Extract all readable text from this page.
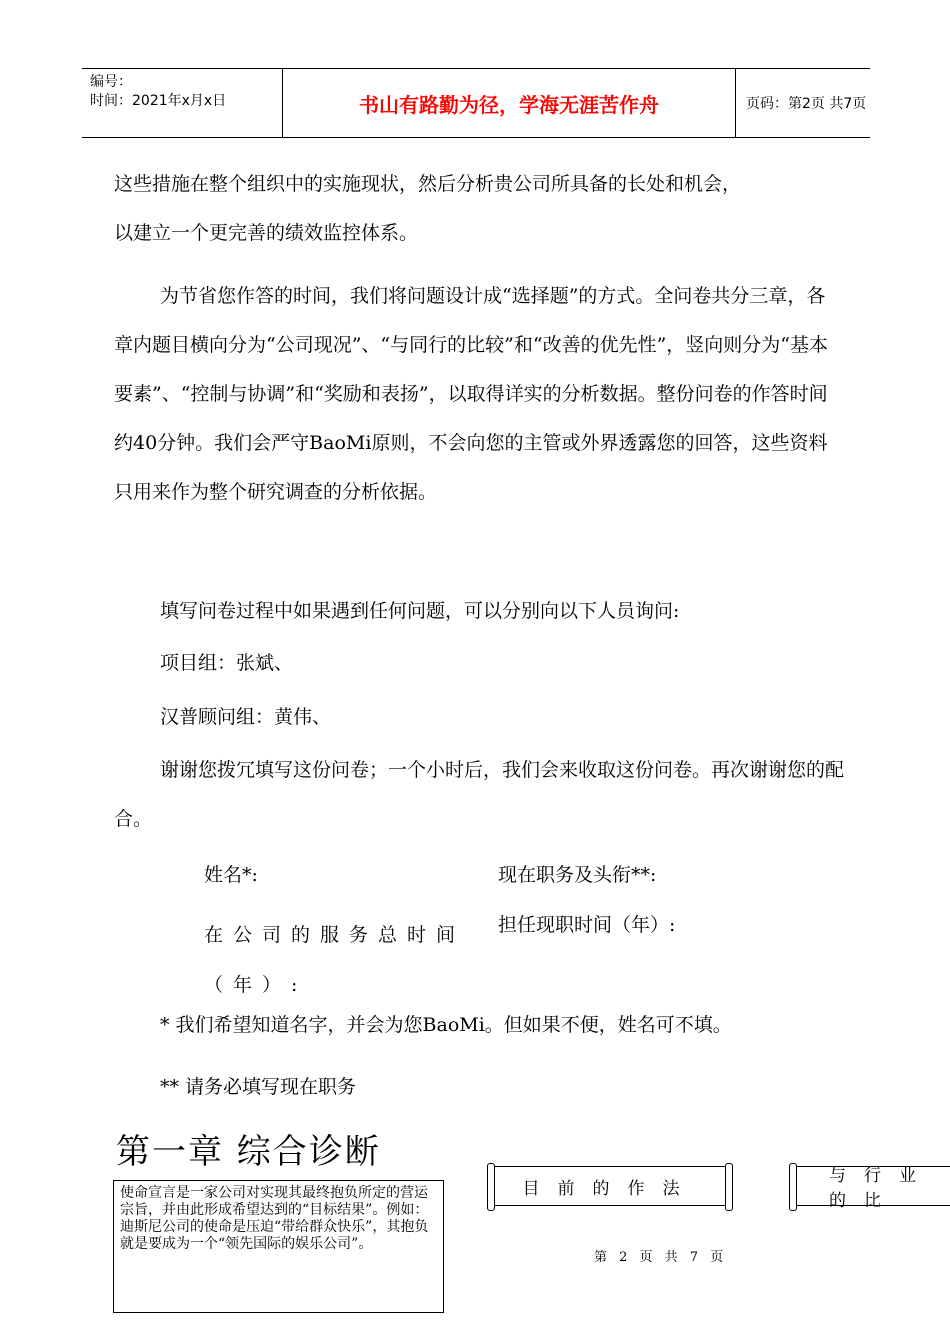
编号：
时间：2021年x月x日	书山有路勤为径，学海无涯苦作舟	页码：第2页 共7页

这些措施在整个组织中的实施现状，然后分析贵公司所具备的长处和机会，

以建立一个更完善的绩效监控体系。

为节省您作答的时间，我们将问题设计成“选择题”的方式。全问卷共分三章，各章内题目横向分为“公司现况”、“与同行的比较”和“改善的优先性”，竖向则分为“基本要素”、“控制与协调”和“奖励和表扬”，以取得详实的分析数据。整份问卷的作答时间约40分钟。我们会严守BaoMi原则，不会向您的主管或外界透露您的回答，这些资料只用来作为整个研究调查的分析依据。

填写问卷过程中如果遇到任何问题，可以分别向以下人员询问:
项目组：张斌、
汉普顾问组：黄伟、

谢谢您拨冗填写这份问卷；一个小时后，我们会来收取这份问卷。再次谢谢您的配合。

姓名*:	现在职务及头衔**:
在公司的服务总时间（年）:
担任现职时间（年）:
* 我们希望知道名字，并会为您BaoMi。但如果不便，姓名可不填。
** 请务必填写现在职务
第一章 综合诊断
使命宣言是一家公司对实现其最终抱负所定的营运宗旨，并由此形成希望达到的“目标结果”。例如：迪斯尼公司的使命是压迫“带给群众快乐”，其抱负就是要成为一个“领先国际的娱乐公司”。
目前的作法
与行业的比
第 2 页 共 7 页
